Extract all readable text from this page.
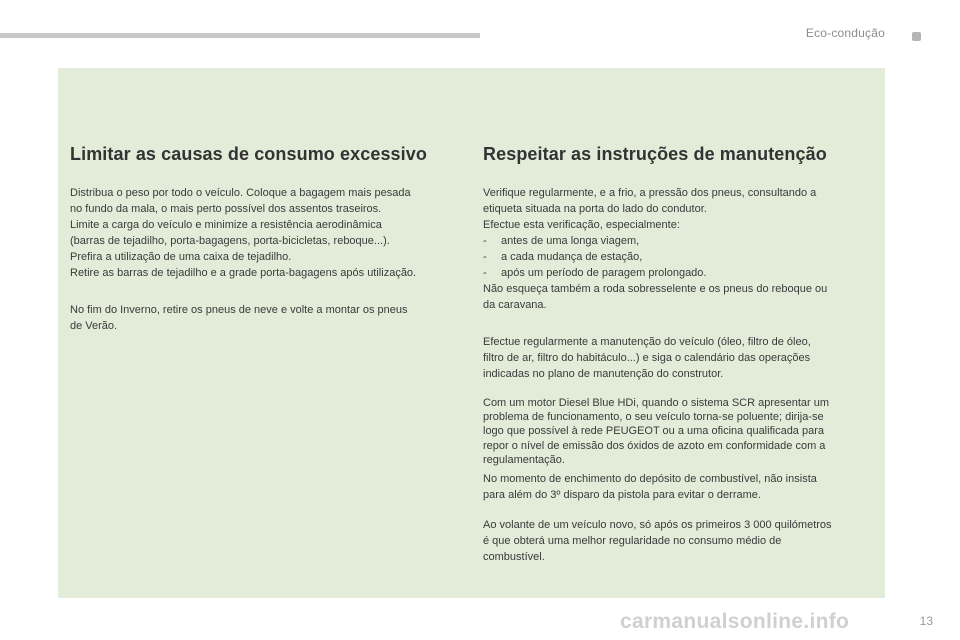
Eco-condução
Limitar as causas de consumo excessivo

Distribua o peso por todo o veículo. Coloque a bagagem mais pesada
no fundo da mala, o mais perto possível dos assentos traseiros.
Limite a carga do veículo e minimize a resistência aerodinâmica
(barras de tejadilho, porta-bagagens, porta-bicicletas, reboque...).
Prefira a utilização de uma caixa de tejadilho.
Retire as barras de tejadilho e a grade porta-bagagens após utilização.

No fim do Inverno, retire os pneus de neve e volte a montar os pneus
de Verão.

Respeitar as instruções de manutenção

Verifique regularmente, e a frio, a pressão dos pneus, consultando a
etiqueta situada na porta do lado do condutor.
Efectue esta verificação, especialmente:

-	antes de uma longa viagem,
-	a cada mudança de estação,
-	após um período de paragem prolongado.

Não esqueça também a roda sobresselente e os pneus do reboque ou
da caravana.

Efectue regularmente a manutenção do veículo (óleo, filtro de óleo,
filtro de ar, filtro do habitáculo...) e siga o calendário das operações
indicadas no plano de manutenção do construtor.

Com um motor Diesel Blue HDi, quando o sistema SCR apresentar um
problema de funcionamento, o seu veículo torna-se poluente; dirija-se
logo que possível à rede PEUGEOT ou a uma oficina qualificada para
repor o nível de emissão dos óxidos de azoto em conformidade com a
regulamentação.

No momento de enchimento do depósito de combustível, não insista
para além do 3º disparo da pistola para evitar o derrame.

Ao volante de um veículo novo, só após os primeiros 3 000 quilómetros
é que obterá uma melhor regularidade no consumo médio de
combustível.

carmanualsonline.info	13
